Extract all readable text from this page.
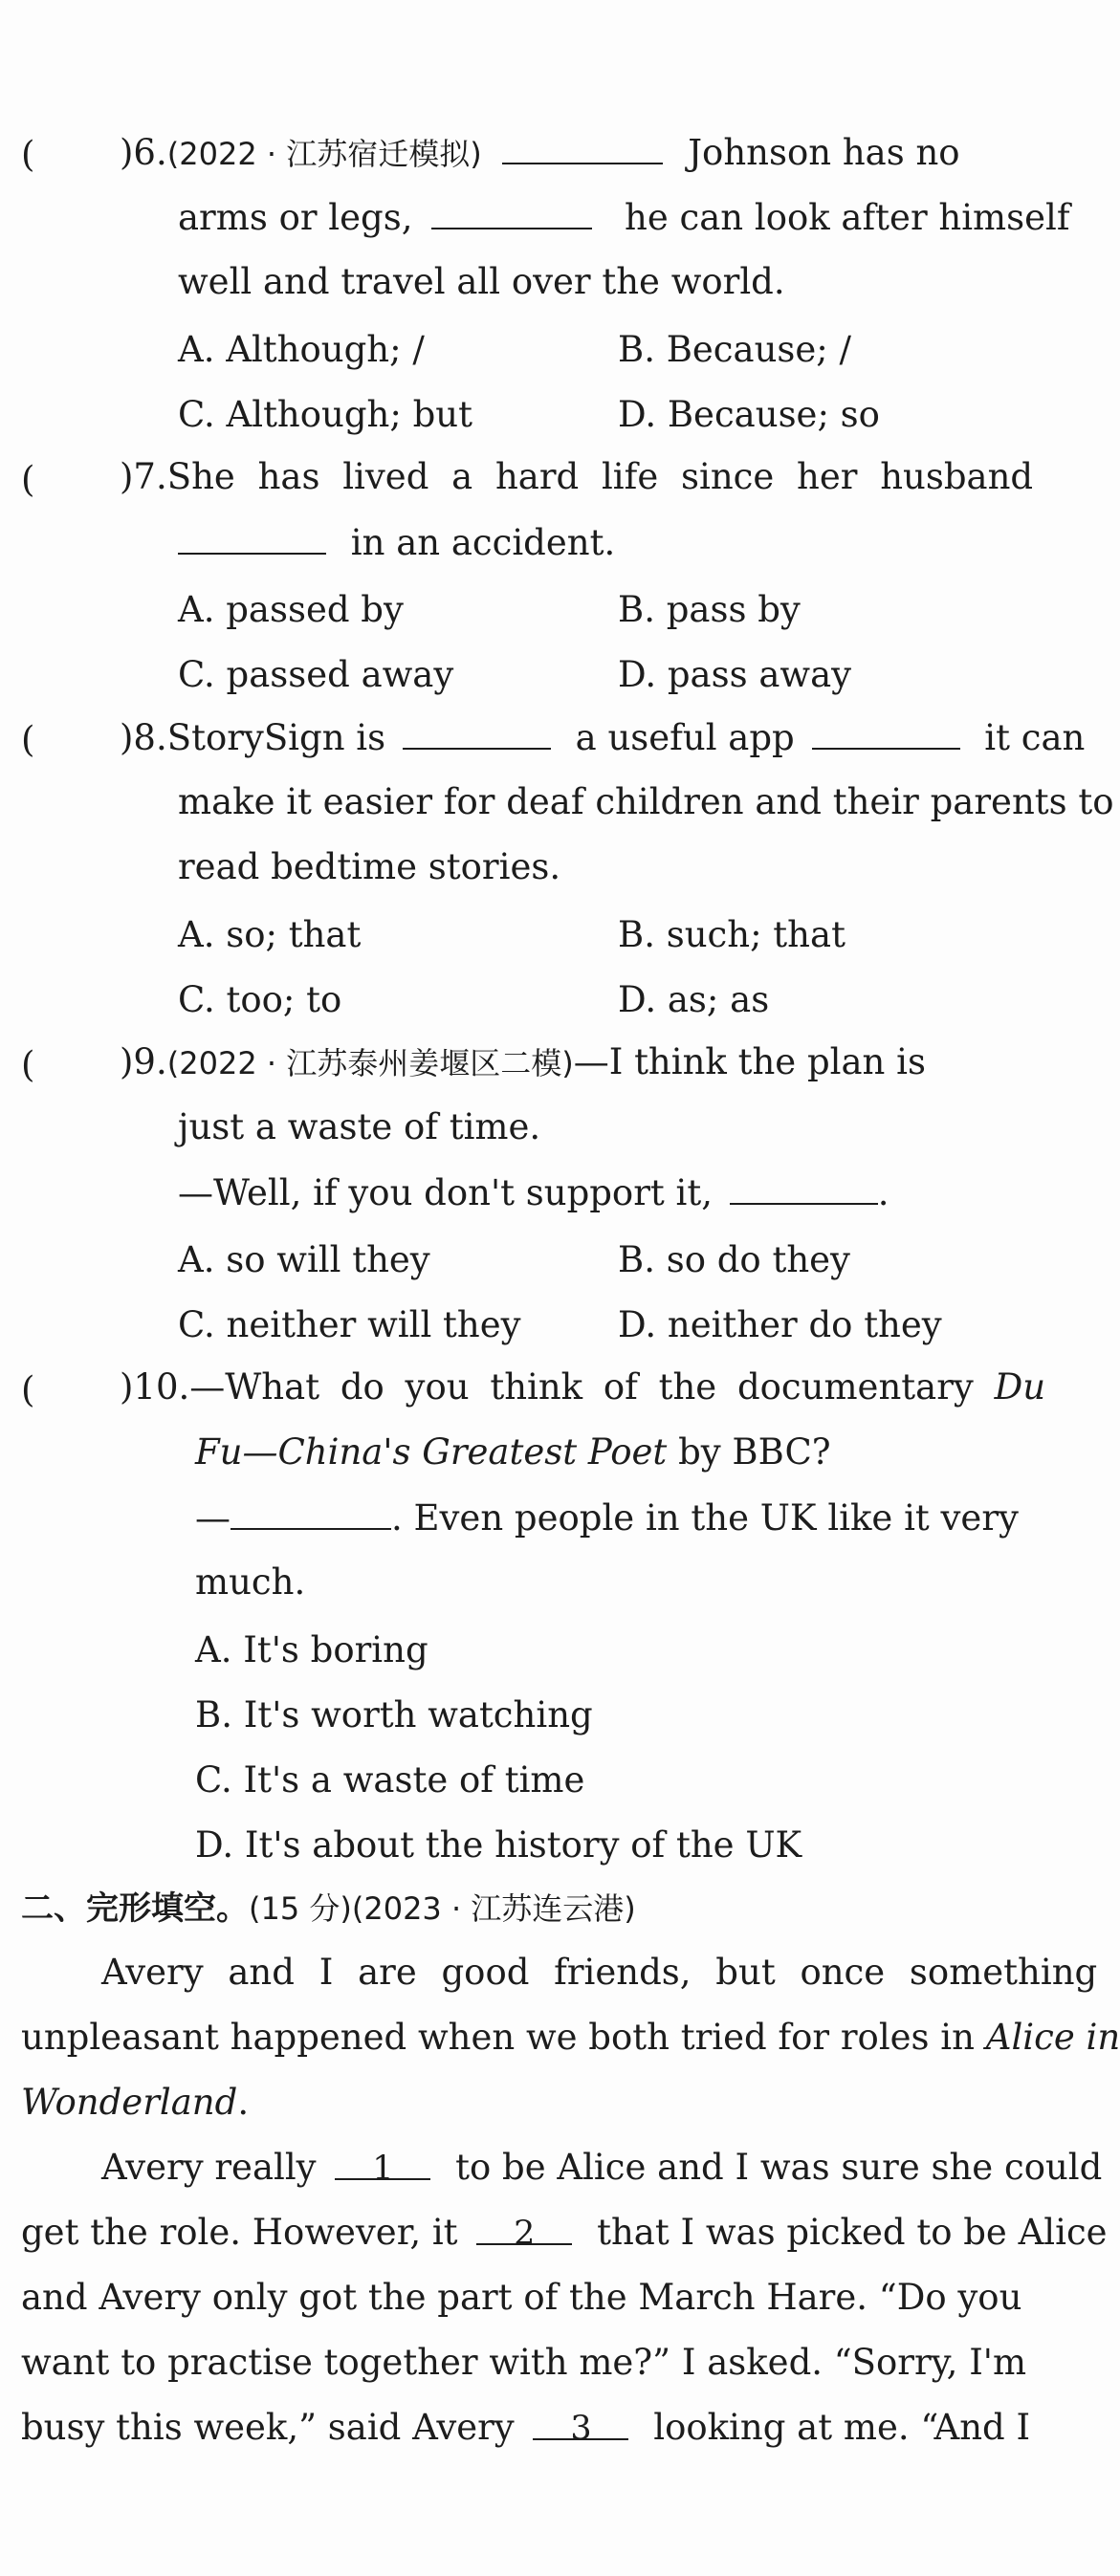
( )6.(2022 · 江苏宿迁模拟)	Johnson has no
arms or legs,	he can look after himself
well and travel all over the world.
A. Although; /	B. Because; /
C. Although; but	D. Because; so
( )7.She has lived a hard life since her husband
in an accident.
A. passed by	B. pass by
C. passed away	D. pass away
( )8.StorySign is	a useful app	it can
make it easier for deaf children and their parents to
read bedtime stories.
A. so; that	B. such; that
C. too; to	D. as; as
( )9.(2022 · 江苏泰州姜堰区二模)—I think the plan is
just a waste of time.
—Well, if you don't support it,	.
A. so will they	B. so do they
C. neither will they	D. neither do they
( )10.—What do you think of the documentary Du
Fu—China's Greatest Poet by BBC?
—	. Even people in the UK like it very
much.
A. It's boring
B. It's worth watching
C. It's a waste of time
D. It's about the history of the UK
二、完形填空。(15 分)(2023 · 江苏连云港)
Avery and I are good friends, but once something
unpleasant happened when we both tried for roles in Alice in
Wonderland.
Avery really 1 to be Alice and I was sure she could
get the role. However, it 2 that I was picked to be Alice
and Avery only got the part of the March Hare. “Do you
want to practise together with me?” I asked. “Sorry, I'm
busy this week,” said Avery 3 looking at me. “And I
